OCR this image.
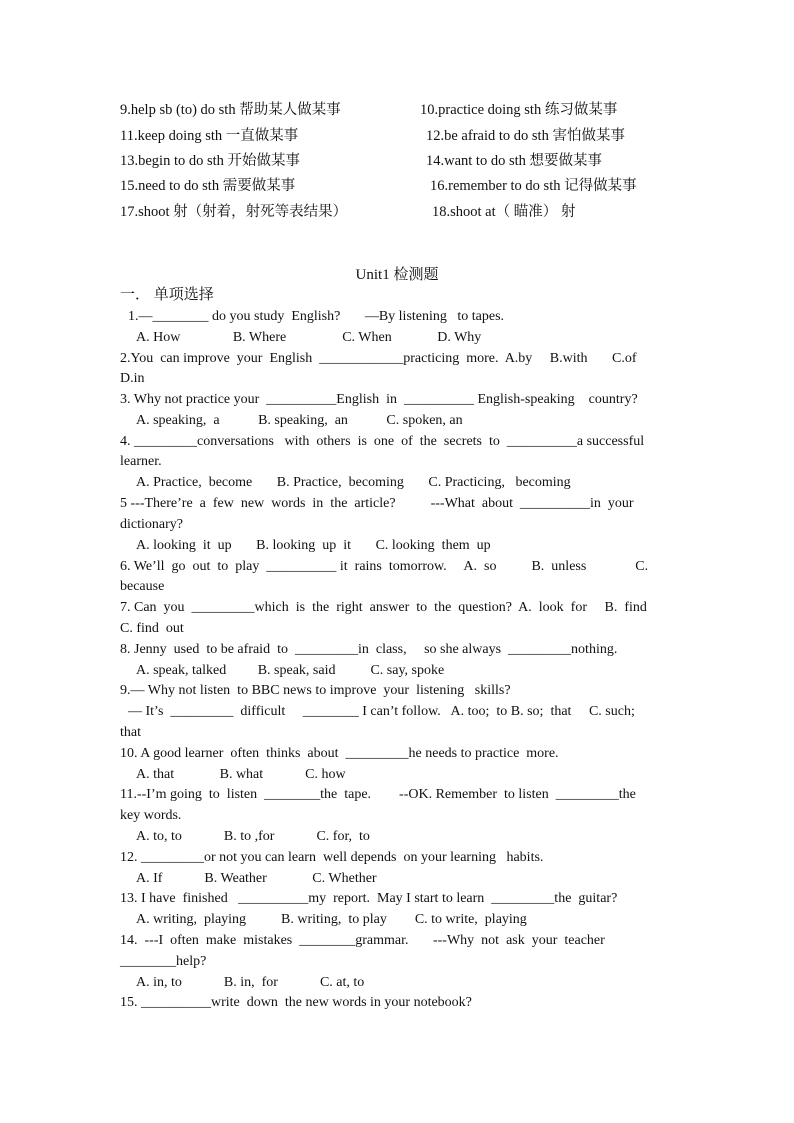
9.help sb (to) do sth 帮助某人做某事	10.practice doing sth 练习做某事
11.keep doing sth 一直做某事	12.be afraid to do sth 害怕做某事
13.begin to do sth 开始做某事	14.want to do sth 想要做某事
15.need to do sth 需要做某事	16.remember to do sth 记得做某事
17.shoot 射（射着，射死等表结果）	18.shoot at（ 瞄准） 射
Unit1 检测题
一． 单项选择
1.—________ do you study  English?       —By listening   to tapes.
A. How               B. Where                C. When             D. Why
2.You  can improve  your  English  ____________practicing  more.  A.by     B.with       C.of
D.in
3. Why not practice your  __________English  in  __________ English-speaking    country?
A. speaking,  a           B. speaking,  an           C. spoken, an
4. _________conversations   with  others  is  one  of  the  secrets  to  __________a successful
learner.
A. Practice,  become       B. Practice,  becoming       C. Practicing,   becoming
5 ---There’re  a  few  new  words  in  the  article?          ---What  about  __________in  your
dictionary?
A. looking  it  up       B. looking  up  it       C. looking  them  up
6. We’ll  go  out  to  play  __________ it  rains  tomorrow.     A.  so          B.  unless              C.
because
7. Can  you  _________which  is  the  right  answer  to  the  question?  A.  look  for     B.  find
C. find  out
8. Jenny  used  to be afraid  to  _________in  class,     so she always  _________nothing.
A. speak, talked         B. speak, said          C. say, spoke
9.— Why not listen  to BBC news to improve  your  listening   skills?
— It’s  _________  difficult     ________ I can’t follow.   A. too;  to B. so;  that     C. such;
that
10. A good learner  often  thinks  about  _________he needs to practice  more.
A. that             B. what            C. how
11.--I’m going  to  listen  ________the  tape.        --OK. Remember  to listen  _________the
key words.
A. to, to            B. to ,for            C. for,  to
12. _________or not you can learn  well depends  on your learning   habits.
A. If            B. Weather             C. Whether
13. I have  finished   __________my  report.  May I start to learn  _________the  guitar?
A. writing,  playing          B. writing,  to play        C. to write,  playing
14.  ---I  often  make  mistakes  ________grammar.       ---Why  not  ask  your  teacher
________help?
A. in, to            B. in,  for            C. at, to
15. __________write  down  the new words in your notebook?
